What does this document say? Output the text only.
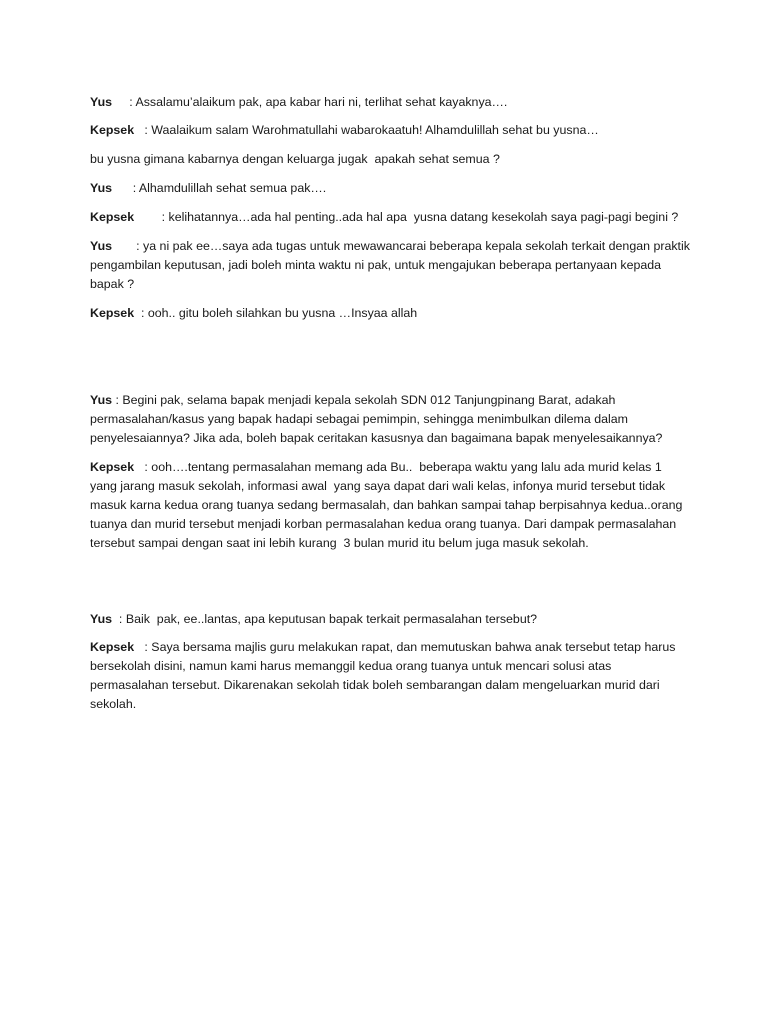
Yus     : Assalamu’alaikum pak, apa kabar hari ni, terlihat sehat kayaknya….

Kepsek   : Waalaikum salam Warohmatullahi wabarokaatuh! Alhamdulillah sehat bu yusna…

bu yusna gimana kabarnya dengan keluarga jugak  apakah sehat semua ?

Yus      : Alhamdulillah sehat semua pak….

Kepsek        : kelihatannya…ada hal penting..ada hal apa  yusna datang kesekolah saya pagi-pagi begini ?

Yus       : ya ni pak ee…saya ada tugas untuk mewawancarai beberapa kepala sekolah terkait dengan praktik pengambilan keputusan, jadi boleh minta waktu ni pak, untuk mengajukan beberapa pertanyaan kepada bapak ?

Kepsek  : ooh.. gitu boleh silahkan bu yusna …Insyaa allah

Yus : Begini pak, selama bapak menjadi kepala sekolah SDN 012 Tanjungpinang Barat, adakah permasalahan/kasus yang bapak hadapi sebagai pemimpin, sehingga menimbulkan dilema dalam penyelesaiannya? Jika ada, boleh bapak ceritakan kasusnya dan bagaimana bapak menyelesaikannya?

Kepsek   : ooh….tentang permasalahan memang ada Bu..  beberapa waktu yang lalu ada murid kelas 1 yang jarang masuk sekolah, informasi awal  yang saya dapat dari wali kelas, infonya murid tersebut tidak masuk karna kedua orang tuanya sedang bermasalah, dan bahkan sampai tahap berpisahnya kedua..orang tuanya dan murid tersebut menjadi korban permasalahan kedua orang tuanya. Dari dampak permasalahan tersebut sampai dengan saat ini lebih kurang  3 bulan murid itu belum juga masuk sekolah.

Yus  : Baik  pak, ee..lantas, apa keputusan bapak terkait permasalahan tersebut?

Kepsek   : Saya bersama majlis guru melakukan rapat, dan memutuskan bahwa anak tersebut tetap harus bersekolah disini, namun kami harus memanggil kedua orang tuanya untuk mencari solusi atas permasalahan tersebut. Dikarenakan sekolah tidak boleh sembarangan dalam mengeluarkan murid dari sekolah.
